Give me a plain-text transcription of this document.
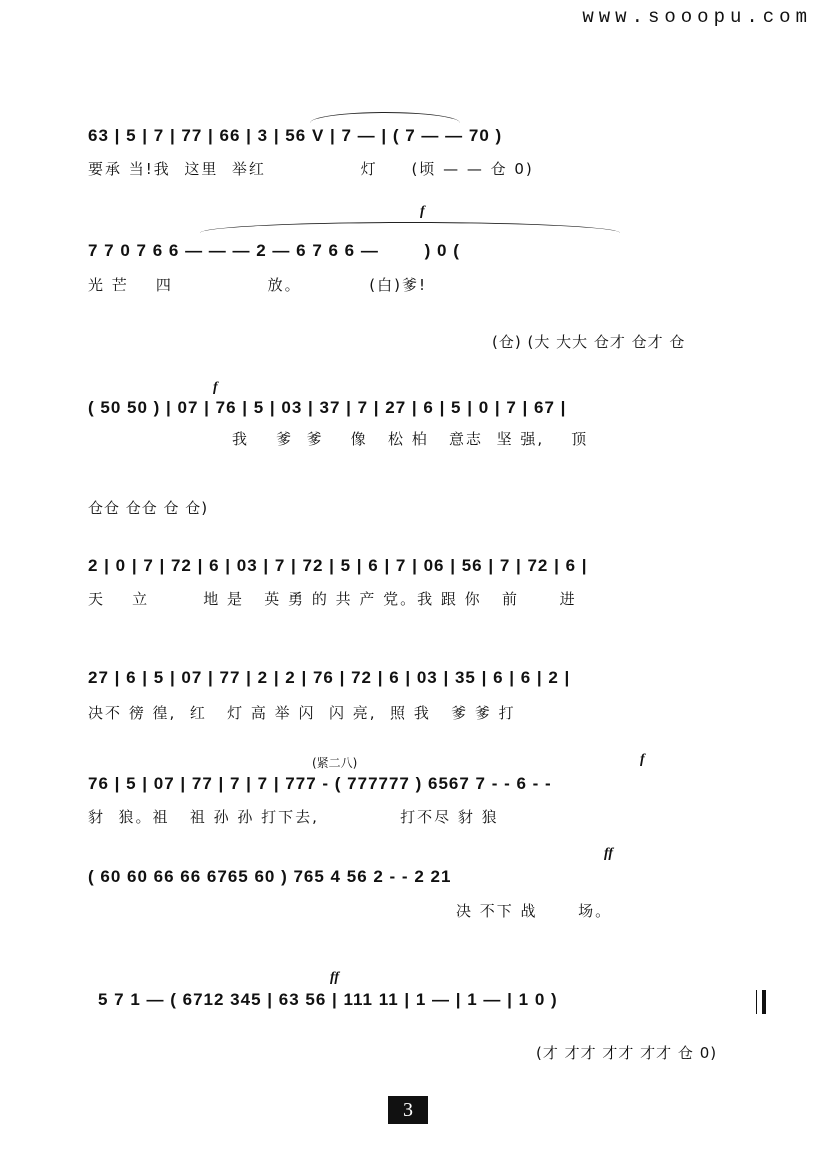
www.sooopu.com
63 | 5 | 7 | 77 | 66 | 3 | 56 V | 7 — | ( 7 — — 70 )
要承 当!我  这里  举红              灯     (顷 — — 仓 0)
f
7 7 0 7 6 6 — — — 2 — 6 7 6 6 —        ) 0 (
光 芒    四              放。          (白)爹!
(仓) (大 大大 仓才 仓才 仓
f
( 50 50 ) | 07 | 76 | 5 | 03 | 37 | 7 | 27 | 6 | 5 | 0 | 7 | 67 |
我    爹  爹    像   松 柏   意志  坚 强,    顶
仓仓 仓仓 仓 仓)
2 | 0 | 7 | 72 | 6 | 03 | 7 | 72 | 5 | 6 | 7 | 06 | 56 | 7 | 72 | 6 |
天    立        地 是   英 勇 的 共 产 党。我 跟 你   前      进
27 | 6 | 5 | 07 | 77 | 2 | 2 | 76 | 72 | 6 | 03 | 35 | 6 | 6 | 2 |
决不 徬 徨,  红   灯 高 举 闪  闪 亮,  照 我   爹 爹 打
(紧二八)	f
76 | 5 | 07 | 77 | 7 | 7 | 777 - ( 777777 ) 6567 7 - - 6 - -
豺  狼。祖   祖 孙 孙 打下去,            打不尽 豺 狼
ff
( 60 60 66 66 6765 60 ) 765 4 56 2 - - 2 21
决 不下 战      场。
ff
5 7 1 — ( 6712 345 | 63 56 | 111 11 | 1 — | 1 — | 1 0 )
(才 才才 才才 才才 仓 0)
3
